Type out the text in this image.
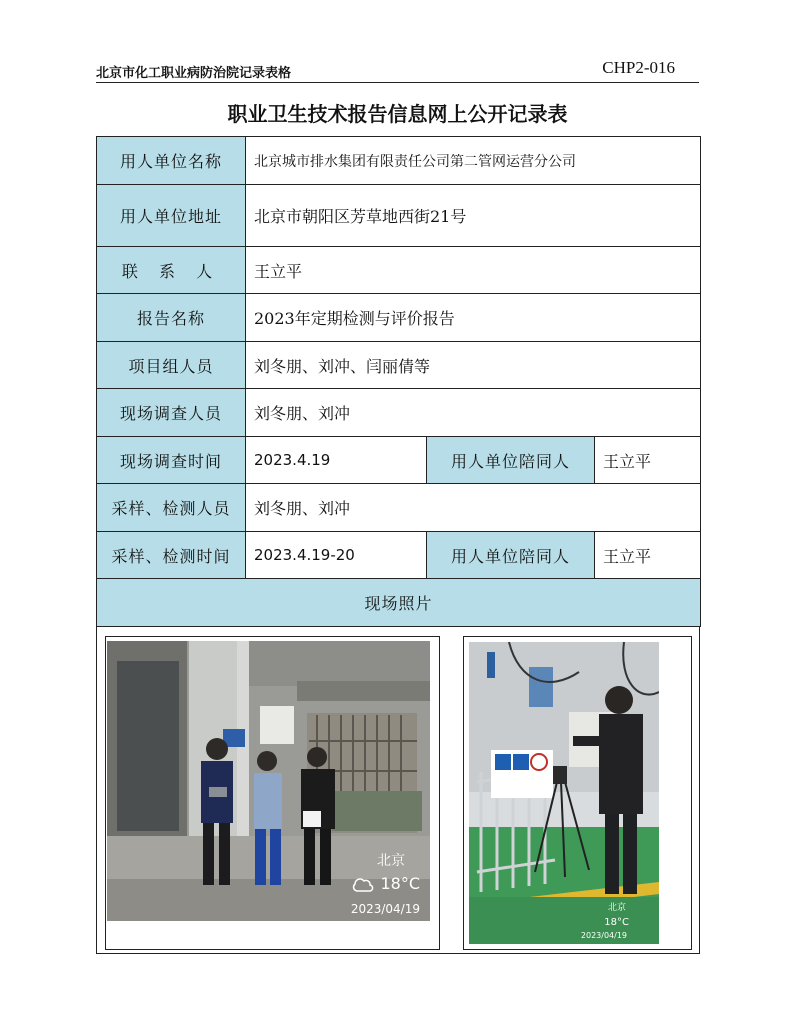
北京市化工职业病防治院记录表格	CHP2-016
职业卫生技术报告信息网上公开记录表
用人单位名称	北京城市排水集团有限责任公司第二管网运营分公司		
用人单位地址	北京市朝阳区芳草地西街21号		
联 系 人	王立平		
报告名称	2023年定期检测与评价报告		
项目组人员	刘冬朋、刘冲、闫丽倩等		
现场调查人员	刘冬朋、刘冲		
现场调查时间	2023.4.19	用人单位陪同人	王立平
采样、检测人员	刘冬朋、刘冲		
采样、检测时间	2023.4.19-20	用人单位陪同人	王立平
现场照片			
北京
18°C
2023/04/19	北京
18°C
2023/04/19
